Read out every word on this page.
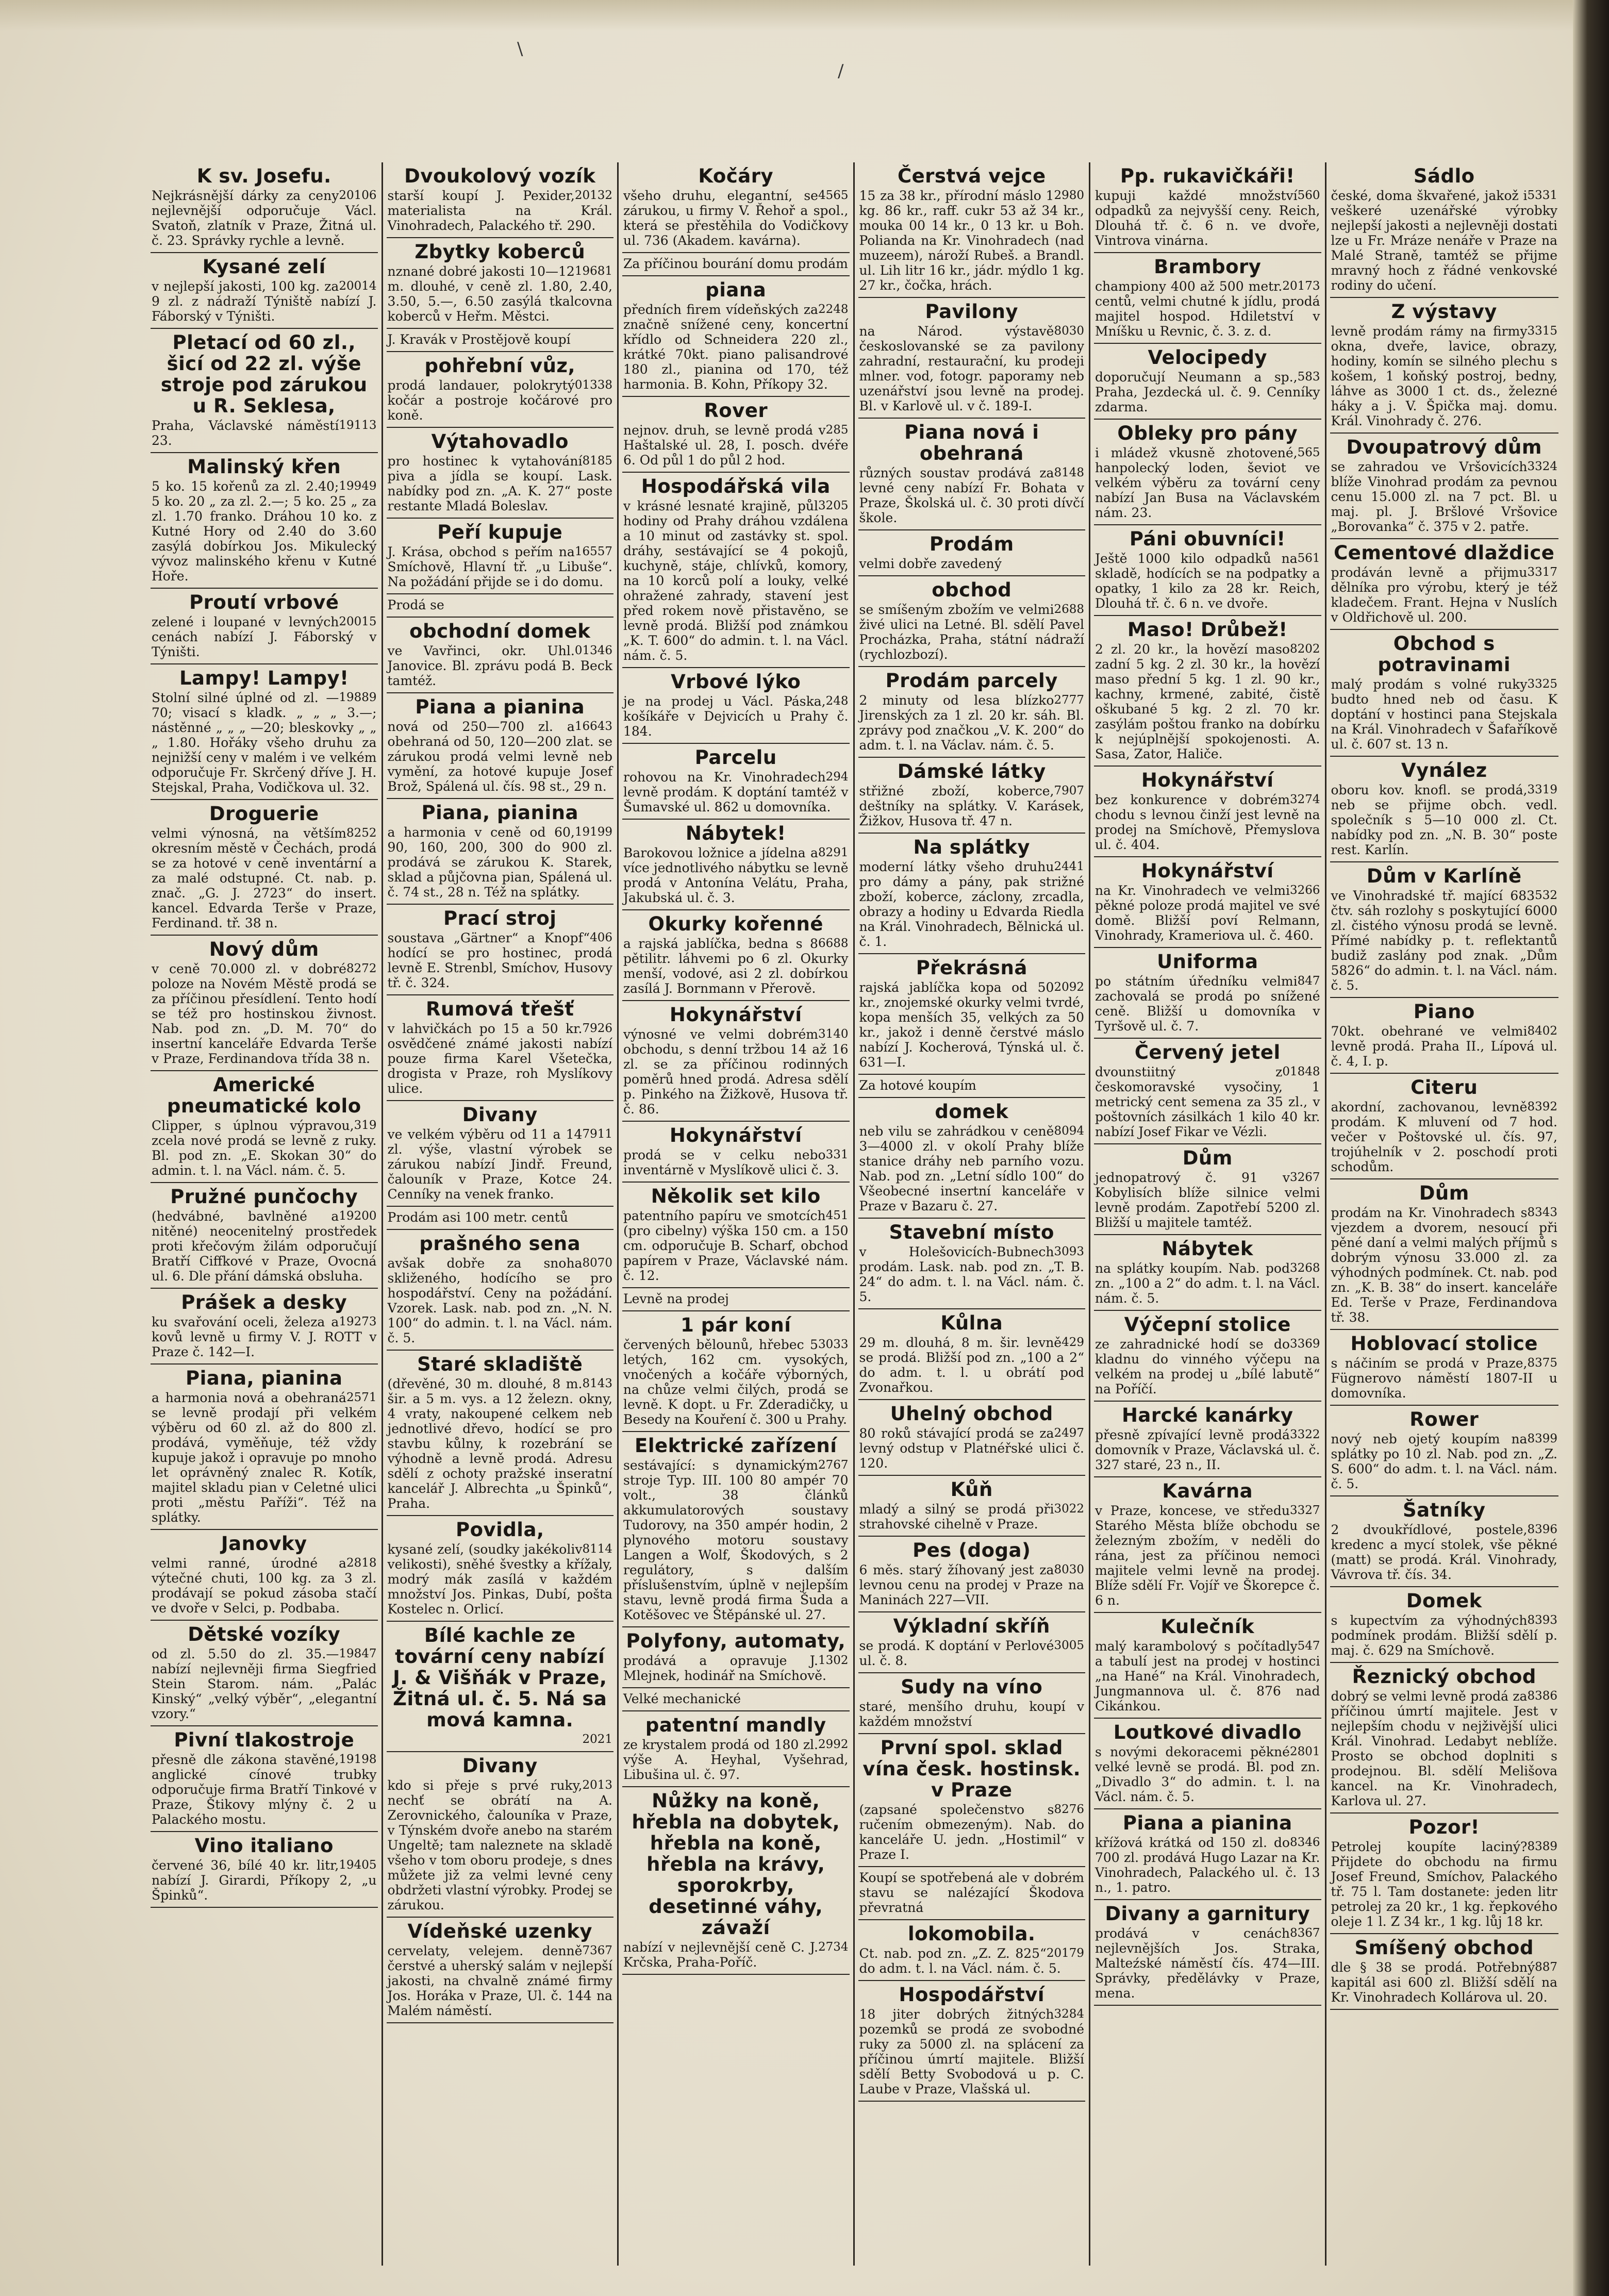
\
/
K sv. Josefu.

20106
Nejkrásnější dárky za ceny nejlevnější odporučuje Václ. Svatoň, zlatník v Praze, Žitná ul. č. 23. Správky rychle a levně.

Kysané zelí

20014
v nejlepší jakosti, 100 kg. za 9 zl. z nádraží Týniště nabízí J. Fáborský v Týništi.

Pletací od 60 zl., šicí od 22 zl. výše stroje pod zárukou u R. Seklesa,

19113
Praha, Václavské náměstí 23.

Malinský křen

19949
5 ko. 15 kořenů za zl. 2.40; 5 ko. 20 „ za zl. 2.—; 5 ko. 25 „ za zl. 1.70 franko. Dráhou 10 ko. z Kutné Hory od 2.40 do 3.60 zasýlá dobírkou Jos. Mikulecký vývoz malinského křenu v Kutné Hoře.

Proutí vrbové

20015
zelené i loupané v levných cenách nabízí J. Fáborský v Týništi.

Lampy! Lampy!

19889
Stolní silné úplné od zl. —70; visací s kladk. „ „ „ 3.—; nástěnné „ „ „ —20; bleskovky „ „ „ 1.80. Hořáky všeho druhu za nejnižší ceny v malém i ve velkém odporučuje Fr. Skrčený dříve J. H. Stejskal, Praha, Vodičkova ul. 32.

Droguerie

8252
velmi výnosná, na větším okresním městě v Čechách, prodá se za hotové v ceně inventární a za malé odstupné. Ct. nab. p. znač. „G. J. 2723“ do insert. kancel. Edvarda Terše v Praze, Ferdinand. tř. 38 n.

Nový dům

8272
v ceně 70.000 zl. v dobré poloze na Novém Městě prodá se za příčinou přesídlení. Tento hodí se též pro hostinskou živnost. Nab. pod zn. „D. M. 70“ do insertní kanceláře Edvarda Terše v Praze, Ferdinandova třída 38 n.

Americké pneumatické kolo

319
Clipper, s úplnou výpravou, zcela nové prodá se levně z ruky. Bl. pod zn. „E. Skokan 30“ do admin. t. l. na Václ. nám. č. 5.

Pružné punčochy

19200
(hedvábné, bavlněné a nitěné) neocenitelný prostředek proti křečovým žilám odporučují Bratří Ciffkové v Praze, Ovocná ul. 6. Dle přání dámská obsluha.

Prášek a desky

19273
ku svařování oceli, železa a kovů levně u firmy V. J. ROTT v Praze č. 142—I.

Piana, pianina

2571
a harmonia nová a obehraná se levně prodají při velkém výběru od 60 zl. až do 800 zl. prodává, vyměňuje, též vždy kupuje jakož i opravuje po mnoho let oprávněný znalec R. Kotík, majitel skladu pian v Celetné ulici proti „městu Paříži“. Též na splátky.

Janovky

2818
velmi ranné, úrodné a výtečné chuti, 100 kg. za 3 zl. prodávají se pokud zásoba stačí ve dvoře v Selci, p. Podbaba.

Dětské vozíky

19847
od zl. 5.50 do zl. 35.— nabízí nejlevněji firma Siegfried Stein Starom. nám. „Palác Kinský“ „velký výběr“, „elegantní vzory.“

Pivní tlakostroje

19198
přesně dle zákona stavěné, anglické cínové trubky odporučuje firma Bratří Tinkové v Praze, Štikovy mlýny č. 2 u Palackého mostu.

Vino italiano

19405
červené 36, bílé 40 kr. litr, nabízí J. Girardi, Příkopy 2, „u Špinků“.

Dvoukolový vozík

20132
starší koupí J. Pexider, materialista na Král. Vinohradech, Palackého tř. 290.

Zbytky koberců

19681
nznané dobré jakosti 10—12 m. dlouhé, v ceně zl. 1.80, 2.40, 3.50, 5.—, 6.50 zasýlá tkalcovna koberců v Heřm. Městci.

J. Kravák v Prostějově koupí

pohřební vůz,

01338
prodá landauer, polokrytý kočár a postroje kočárové pro koně.

Výtahovadlo

8185
pro hostinec k vytahování piva a jídla se koupí. Lask. nabídky pod zn. „A. K. 27“ poste restante Mladá Boleslav.

Peří kupuje

16557
J. Krása, obchod s peřím na Smíchově, Hlavní tř. „u Libuše“. Na požádání přijde se i do domu.

Prodá se

obchodní domek

01346
ve Vavřinci, okr. Uhl. Janovice. Bl. zprávu podá B. Beck tamtéž.

Piana a pianina

16643
nová od 250—700 zl. a obehraná od 50, 120—200 zlat. se zárukou prodá velmi levně neb vymění, za hotové kupuje Josef Brož, Spálená ul. čís. 98 st., 29 n.

Piana, pianina

19199
a harmonia v ceně od 60, 90, 160, 200, 300 do 900 zl. prodává se zárukou K. Starek, sklad a půjčovna pian, Spálená ul. č. 74 st., 28 n. Též na splátky.

Prací stroj

406
soustava „Gärtner“ a Knopf“ hodící se pro hostinec, prodá levně E. Strenbl, Smíchov, Husovy tř. č. 324.

Rumová třešť

7926
v lahvičkách po 15 a 50 kr. osvědčené známé jakosti nabízí pouze firma Karel Všetečka, drogista v Praze, roh Myslíkovy ulice.

Divany

7911
ve velkém výběru od 11 a 14 zl. výše, vlastní výrobek se zárukou nabízí Jindř. Freund, čalouník v Praze, Kotce 24. Cenníky na venek franko.

Prodám asi 100 metr. centů

prašného sena

8070
avšak dobře za snoha skliženého, hodícího se pro hospodářství. Ceny na požádání. Vzorek. Lask. nab. pod zn. „N. N. 100“ do admin. t. l. na Václ. nám. č. 5.

Staré skladiště

8143
(dřevěné, 30 m. dlouhé, 8 m. šir. a 5 m. vys. a 12 železn. okny, 4 vraty, nakoupené celkem neb jednotlivé dřevo, hodící se pro stavbu kůlny, k rozebrání se výhodně a levně prodá. Adresu sdělí z ochoty pražské inseratní kancelář J. Albrechta „u Špinků“, Praha.

Povidla,

8114
kysané zelí, (soudky jakékoliv velikosti), sněhé švestky a křížaly, modrý mák zasílá v každém množství Jos. Pinkas, Dubí, pošta Kostelec n. Orlicí.

Bílé kachle ze tovární ceny nabízí J. & Višňák v Praze, Žitná ul. č. 5. Ná sa mová kamna.

2021

Divany

2013
kdo si přeje s prvé ruky, nechť se obrátí na A. Zerovnického, čalouníka v Praze, v Týnském dvoře anebo na starém Ungeltě; tam naleznete na skladě všeho v tom oboru prodeje, s dnes můžete již za velmi levné ceny obdržeti vlastní výrobky. Prodej se zárukou.

Vídeňské uzenky

7367
cervelaty, velejem. denně čerstvé a uherský salám v nejlepší jakosti, na chvalně známé firmy Jos. Horáka v Praze, Ul. č. 144 na Malém náměstí.

Kočáry

4565
všeho druhu, elegantní, se zárukou, u firmy V. Řehoř a spol., která se přestěhila do Vodičkovy ul. 736 (Akadem. kavárna).

Za příčinou bourání domu prodám

piana

2248
předních firem vídeňských za značně snížené ceny, koncertní křídlo od Schneidera 220 zl., krátké 70kt. piano palisandrové 180 zl., pianina od 170, též harmonia. B. Kohn, Příkopy 32.

Rover

285
nejnov. druh, se levně prodá v Haštalské ul. 28, I. posch. dvéře 6. Od půl 1 do půl 2 hod.

Hospodářská vila

3205
v krásné lesnaté krajině, půl hodiny od Prahy dráhou vzdálena a 10 minut od zastávky st. spol. dráhy, sestávající se 4 pokojů, kuchyně, stáje, chlívků, komory, na 10 korců polí a louky, velké ohražené zahrady, stavení jest před rokem nově přistavěno, se levně prodá. Bližší pod známkou „K. T. 600“ do admin. t. l. na Václ. nám. č. 5.

Vrbové lýko

248
je na prodej u Václ. Páska, košíkáře v Dejvicích u Prahy č. 184.

Parcelu

294
rohovou na Kr. Vinohradech levně prodám. K doptání tamtéž v Šumavské ul. 862 u domovníka.

Nábytek!

8291
Barokovou ložnice a jídelna a více jednotlivého nábytku se levně prodá v Antonína Velátu, Praha, Jakubská ul. č. 3.

Okurky kořenné

6688
a rajská jablíčka, bedna s 8 pětilitr. láhvemi po 6 zl. Okurky menší, vodové, asi 2 zl. dobírkou zasílá J. Bornmann v Přerově.

Hokynářství

3140
výnosné ve velmi dobrém obchodu, s denní tržbou 14 až 16 zl. se za příčinou rodinných poměrů hned prodá. Adresa sdělí p. Pinkého na Žižkově, Husova tř. č. 86.

Hokynářství

331
prodá se v celku nebo inventárně v Myslíkově ulici č. 3.

Několik set kilo

451
patentního papíru ve smotcích (pro cibelny) výška 150 cm. a 150 cm. odporučuje B. Scharf, obchod papírem v Praze, Václavské nám. č. 12.

Levně na prodej

1 pár koní

3033
červených bělounů, hřebec 5 letých, 162 cm. vysokých, vnočených a kočáře výborných, na chůze velmi čilých, prodá se levně. K dopt. u Fr. Zderadičky, u Besedy na Kouření č. 300 u Prahy.

Elektrické zařízení

2767
sestávající: s dynamickým stroje Typ. III. 100 80 ampér 70 volt., 38 článků akkumulatorových soustavy Tudorovy, na 350 ampér hodin, 2 plynového motoru soustavy Langen a Wolf, Škodových, s 2 regulátory, s dalším příslušenstvím, úplně v nejlepším stavu, levně prodá firma Šuda a Kotěšovec ve Štěpánské ul. 27.

Polyfony, automaty,

1302
prodává a opravuje J. Mlejnek, hodinář na Smíchově.

Velké mechanické

patentní mandly

2992
ze krystalem prodá od 180 zl. výše A. Heyhal, Vyšehrad, Libušina ul. č. 97.

Nůžky na koně, hřebla na dobytek, hřebla na koně, hřebla na krávy, sporokrby, desetinné váhy, závaží

2734
nabízí v nejlevnější ceně C. J. Krčska, Praha-Poříč.

Čerstvá vejce

2980
15 za 38 kr., přírodní máslo 1 kg. 86 kr., raff. cukr 53 až 34 kr., mouka 00 14 kr., 0 13 kr. u Boh. Polianda na Kr. Vinohradech (nad muzeem), nároží Rubeš. a Brandl. ul. Lih litr 16 kr., jádr. mýdlo 1 kg. 27 kr., čočka, hrách.

Pavilony

8030
na Národ. výstavě českoslovanské se za pavilony zahradní, restaurační, ku prodeji mlner. vod, fotogr. paporamy neb uzenářství jsou levně na prodej. Bl. v Karlově ul. v č. 189-I.

Piana nová i obehraná

8148
různých soustav prodává za levné ceny nabízí Fr. Bohata v Praze, Školská ul. č. 30 proti dívčí škole.

Prodám

velmi dobře zavedený

obchod

2688
se smíšeným zbožím ve velmi živé ulici na Letné. Bl. sdělí Pavel Procházka, Praha, státní nádraží (rychlozbozí).

Prodám parcely

2777
2 minuty od lesa blízko Jirenských za 1 zl. 20 kr. sáh. Bl. zprávy pod značkou „V. K. 200“ do adm. t. l. na Václav. nám. č. 5.

Dámské látky

7907
střižné zboží, koberce, deštníky na splátky. V. Karásek, Žižkov, Husova tř. 47 n.

Na splátky

2441
moderní látky všeho druhu pro dámy a pány, pak strižné zboží, koberce, záclony, zrcadla, obrazy a hodiny u Edvarda Riedla na Král. Vinohradech, Bělnická ul. č. 1.

Překrásná

2092
rajská jablíčka kopa od 50 kr., znojemské okurky velmi tvrdé, kopa menších 35, velkých za 50 kr., jakož i denně čerstvé máslo nabízí J. Kocherová, Týnská ul. č. 631—I.

Za hotové koupím

domek

8094
neb vilu se zahrádkou v ceně 3—4000 zl. v okolí Prahy blíže stanice dráhy neb parního vozu. Nab. pod zn. „Letní sídlo 100“ do Všeobecné insertní kanceláře v Praze v Bazaru č. 27.

Stavební místo

3093
v Holešovicích-Bubnech prodám. Lask. nab. pod zn. „T. B. 24“ do adm. t. l. na Václ. nám. č. 5.

Kůlna

429
29 m. dlouhá, 8 m. šir. levně se prodá. Bližší pod zn. „100 a 2“ do adm. t. l. u obrátí pod Zvonařkou.

Uhelný obchod

2497
80 roků stávající prodá se za levný odstup v Platnéřské ulici č. 120.

Kůň

3022
mladý a silný se prodá při strahovské cihelně v Praze.

Pes (doga)

8030
6 měs. starý žíhovaný jest za levnou cenu na prodej v Praze na Maninách 227—VII.

Výkladní skříň

3005
se prodá. K doptání v Perlové ul. č. 8.

Sudy na víno

staré, menšího druhu, koupí v každém množství

První spol. sklad vína česk. hostinsk. v Praze

8276
(zapsané společenstvo s ručením obmezeným). Nab. do kanceláře U. jedn. „Hostimil“ v Praze I.

Koupí se spotřebená ale v dobrém stavu se nalézající Škodova převratná

lokomobila.

20179
Ct. nab. pod zn. „Z. Z. 825“ do adm. t. l. na Václ. nám. č. 5.

Hospodářství

3284
18 jiter dobrých žitných pozemků se prodá ze svobodné ruky za 5000 zl. na splácení za příčinou úmrtí majitele. Bližší sdělí Betty Svobodová u p. C. Laube v Praze, Vlašská ul.

Pp. rukavičkáři!

560
kupuji každé množství odpadků za nejvyšší ceny. Reich, Dlouhá tř. č. 6 n. ve dvoře, Vintrova vinárna.

Brambory

20173
championy 400 až 500 metr. centů, velmi chutné k jídlu, prodá majitel hospod. Hdiletství v Mníšku u Revnic, č. 3. z. d.

Velocipedy

583
doporučují Neumann a sp., Praha, Jezdecká ul. č. 9. Cenníky zdarma.

Obleky pro pány

565
i mládež vkusně zhotovené, hanpolecký loden, ševiot ve velkém výběru za tovární ceny nabízí Jan Busa na Václavském nám. 23.

Páni obuvníci!

561
Ještě 1000 kilo odpadků na skladě, hodících se na podpatky a opatky, 1 kilo za 28 kr. Reich, Dlouhá tř. č. 6 n. ve dvoře.

Maso! Drůbež!

8202
2 zl. 20 kr., la hovězí maso zadní 5 kg. 2 zl. 30 kr., la hovězí maso přední 5 kg. 1 zl. 90 kr., kachny, krmené, zabité, čistě oškubané 5 kg. 2 zl. 70 kr. zasýlám poštou franko na dobírku k nejúplnější spokojenosti. A. Sasa, Zator, Haliče.

Hokynářství

3274
bez konkurence v dobrém chodu s levnou činží jest levně na prodej na Smíchově, Přemyslova ul. č. 404.

Hokynářství

3266
na Kr. Vinohradech ve velmi pěkné poloze prodá majitel ve své domě. Bližší poví Relmann, Vinohrady, Krameriova ul. č. 460.

Uniforma

847
po státním úředníku velmi zachovalá se prodá po snížené ceně. Bližší u domovníka v Tyršově ul. č. 7.

Červený jetel

01848
dvounstiitný z českomoravské vysočiny, 1 metrický cent semena za 35 zl., v poštovních zásilkách 1 kilo 40 kr. nabízí Josef Fikar ve Vézli.

Dům

3267
jednopatrový č. 91 v Kobylisích blíže silnice velmi levně prodám. Zapotřebí 5200 zl. Bližší u majitele tamtéž.

Nábytek

3268
na splátky koupím. Nab. pod zn. „100 a 2“ do adm. t. l. na Václ. nám. č. 5.

Výčepní stolice

3369
ze zahradnické hodí se do kladnu do vinného výčepu na velkém na prodej u „bílé labutě“ na Poříčí.

Harcké kanárky

3322
přesně zpívající levně prodá domovník v Praze, Václavská ul. č. 327 staré, 23 n., II.

Kavárna

3327
v Praze, koncese, ve středu Starého Města blíže obchodu se železným zbožím, v neděli do rána, jest za příčinou nemoci majitele velmi levně na prodej. Blíže sdělí Fr. Vojíř ve Škorepce č. 6 n.

Kulečník

547
malý karambolový s počítadly a tabulí jest na prodej v hostinci „na Hané“ na Král. Vinohradech, Jungmannova ul. č. 876 nad Cikánkou.

Loutkové divadlo

2801
s novými dekoracemi pěkné velké levně se prodá. Bl. pod zn. „Divadlo 3“ do admin. t. l. na Václ. nám. č. 5.

Piana a pianina

8346
křížová krátká od 150 zl. do 700 zl. prodává Hugo Lazar na Kr. Vinohradech, Palackého ul. č. 13 n., 1. patro.

Divany a garnitury

8367
prodává v cenách nejlevnějších Jos. Straka, Malteźské náměstí čís. 474—III. Správky, předělávky v Praze, mena.

Sádlo

5331
české, doma škvařené, jakož i veškeré uzenářské výrobky nejlepší jakosti a nejlevněji dostati lze u Fr. Mráze nenáře v Praze na Malé Straně, tamtéž se přijme mravný hoch z řádné venkovské rodiny do učení.

Z výstavy

3315
levně prodám rámy na firmy okna, dveře, lavice, obrazy, hodiny, komín se silného plechu s košem, 1 koňský postroj, bedny, láhve as 3000 1 ct. ds., železné háky a j. V. Špička maj. domu. Král. Vinohrady č. 276.

Dvoupatrový dům

3324
se zahradou ve Vršovicích blíže Vinohrad prodám za pevnou cenu 15.000 zl. na 7 pct. Bl. u maj. pl. J. Bršlové Vršovice „Borovanka“ č. 375 v 2. patře.

Cementové dlaždice

3317
prodáván levně a přijmu dělníka pro výrobu, který je též kladečem. Frant. Hejna v Nuslích v Oldřichově ul. 200.

Obchod s potravinami

3325
malý prodám s volné ruky budto hned neb od času. K doptání v hostinci pana Stejskala na Král. Vinohradech v Šafaříkově ul. č. 607 st. 13 n.

Vynález

3319
oboru kov. knofl. se prodá, neb se přijme obch. vedl. společník s 5—10 000 zl. Ct. nabídky pod zn. „N. B. 30“ poste rest. Karlín.

Dům v Karlíně

532
ve Vinohradské tř. mající 683 čtv. sáh rozlohy s poskytující 6000 zl. čistého výnosu prodá se levně. Přímé nabídky p. t. reflektantů budiž zaslány pod znak. „Dům 5826“ do admin. t. l. na Václ. nám. č. 5.

Piano

8402
70kt. obehrané ve velmi levně prodá. Praha II., Lípová ul. č. 4, I. p.

Citeru

8392
akordní, zachovanou, levně prodám. K mluvení od 7 hod. večer v Poštovské ul. čís. 97, trojúhelník v 2. poschodí proti schodům.

Dům

8343
prodám na Kr. Vinohradech s vjezdem a dvorem, nesoucí při pěné daní a velmi malých příjmů s dobrým výnosu 33.000 zl. za výhodných podmínek. Ct. nab. pod zn. „K. B. 38“ do insert. kanceláře Ed. Terše v Praze, Ferdinandova tř. 38.

Hoblovací stolice

8375
s náčiním se prodá v Praze, Fügnerovo náměstí 1807-II u domovníka.

Rower

8399
nový neb ojetý koupím na splátky po 10 zl. Nab. pod zn. „Z. S. 600“ do adm. t. l. na Václ. nám. č. 5.

Šatníky

8396
2 dvoukřídlové, postele, kredenc a mycí stolek, vše pěkné (matt) se prodá. Král. Vinohrady, Vávrova tř. čís. 34.

Domek

8393
s kupectvím za výhodných podmínek prodám. Bližší sdělí p. maj. č. 629 na Smíchově.

Řeznický obchod

8386
dobrý se velmi levně prodá za příčinou úmrtí majitele. Jest v nejlepším chodu v nejživější ulici Král. Vinohrad. Ledabyt neblíže. Prosto se obchod doplniti s prodejnou. Bl. sdělí Melišova kancel. na Kr. Vinohradech, Karlova ul. 27.

Pozor!

8389
Petrolej koupíte laciný? Přijdete do obchodu na firmu Josef Freund, Smíchov, Palackého tř. 75 l. Tam dostanete: jeden litr petrolej za 20 kr., 1 kg. řepkového oleje 1 l. Z 34 kr., 1 kg. lůj 18 kr.

Smíšený obchod

887
dle § 38 se prodá. Potřebný kapitál asi 600 zl. Bližší sdělí na Kr. Vinohradech Kollárova ul. 20.
